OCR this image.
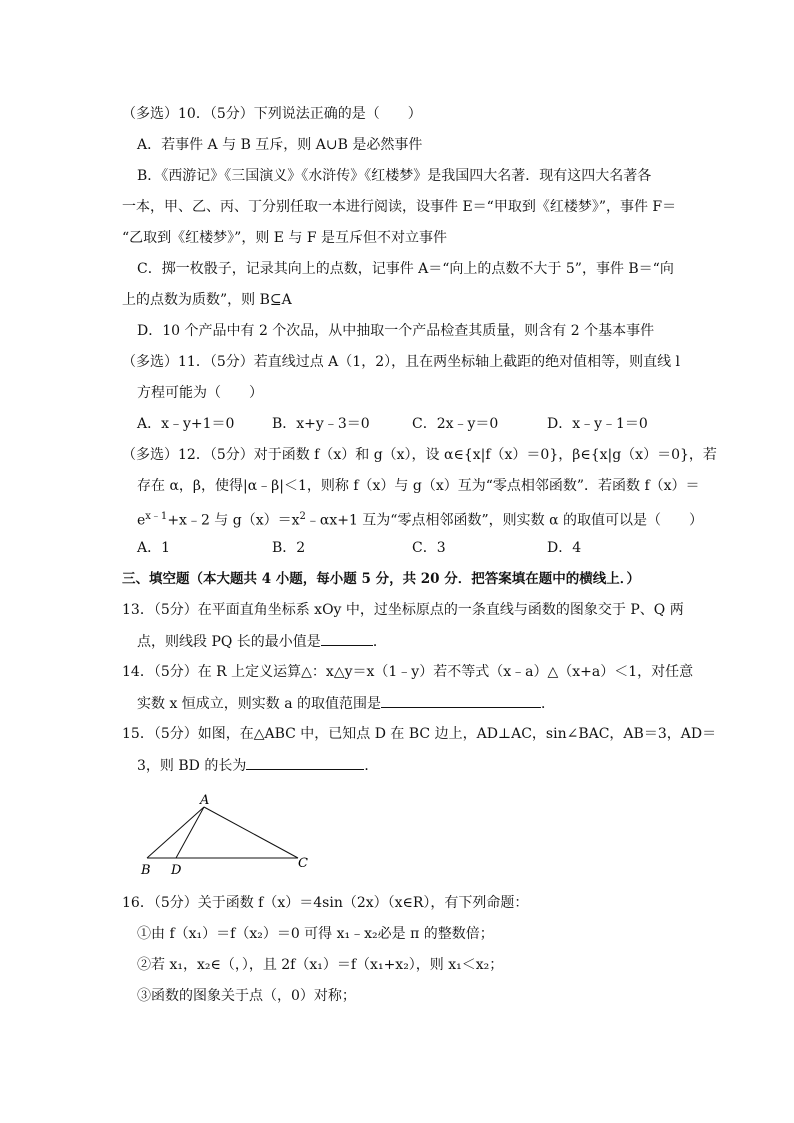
（多选）10．（5分）下列说法正确的是（　　）
A．若事件 A 与 B 互斥，则 A∪B 是必然事件
B．《西游记》《三国演义》《水浒传》《红楼梦》是我国四大名著．现有这四大名著各
一本，甲、乙、丙、丁分别任取一本进行阅读，设事件 E＝“甲取到《红楼梦》”，事件 F＝
“乙取到《红楼梦》”，则 E 与 F 是互斥但不对立事件
C．掷一枚骰子，记录其向上的点数，记事件 A＝“向上的点数不大于 5”，事件 B＝“向
上的点数为质数”，则 B⊆A
D．10 个产品中有 2 个次品，从中抽取一个产品检查其质量，则含有 2 个基本事件
（多选）11．（5分）若直线过点 A（1，2），且在两坐标轴上截距的绝对值相等，则直线 l
方程可能为（　　）
A．x﹣y+1＝0	B．x+y﹣3＝0	C．2x﹣y＝0	D．x﹣y﹣1＝0
（多选）12．（5分）对于函数 f（x）和 g（x），设 α∈{x|f（x）＝0}，β∈{x|g（x）＝0}，若
存在 α，β，使得|α﹣β|＜1，则称 f（x）与 g（x）互为“零点相邻函数”．若函数 f（x）＝
$e^{x﹣1}+x﹣2$ 与 $g(x)=x^2﹣\alpha x+1$ 互为“零点相邻函数”，则实数 α 的取值可以是（　　）
A．1	B．2	C．3	D．4
三、填空题（本大题共 4 小题，每小题 5 分，共 20 分．把答案填在题中的横线上．）
13．（5分）在平面直角坐标系 xOy 中，过坐标原点的一条直线与函数的图象交于 P、Q 两
点，则线段 PQ 长的最小值是	．
14．（5分）在 R 上定义运算△：x△y＝x（1﹣y）若不等式（x﹣a）△（x+a）＜1，对任意
实数 x 恒成立，则实数 a 的取值范围是	．
15．（5分）如图，在△ABC 中，已知点 D 在 BC 边上，AD⊥AC，sin∠BAC，AB＝3，AD＝
3，则 BD 的长为	．
A
B D	C
16．（5分）关于函数 f（x）＝4sin（2x）（x∈R），有下列命题：
①由 f（x₁）＝f（x₂）＝0 可得 x₁﹣x₂必是 π 的整数倍；
②若 x₁，x₂∈（，），且 2f（x₁）＝f（x₁+x₂），则 x₁＜x₂；
③函数的图象关于点（，0）对称；
